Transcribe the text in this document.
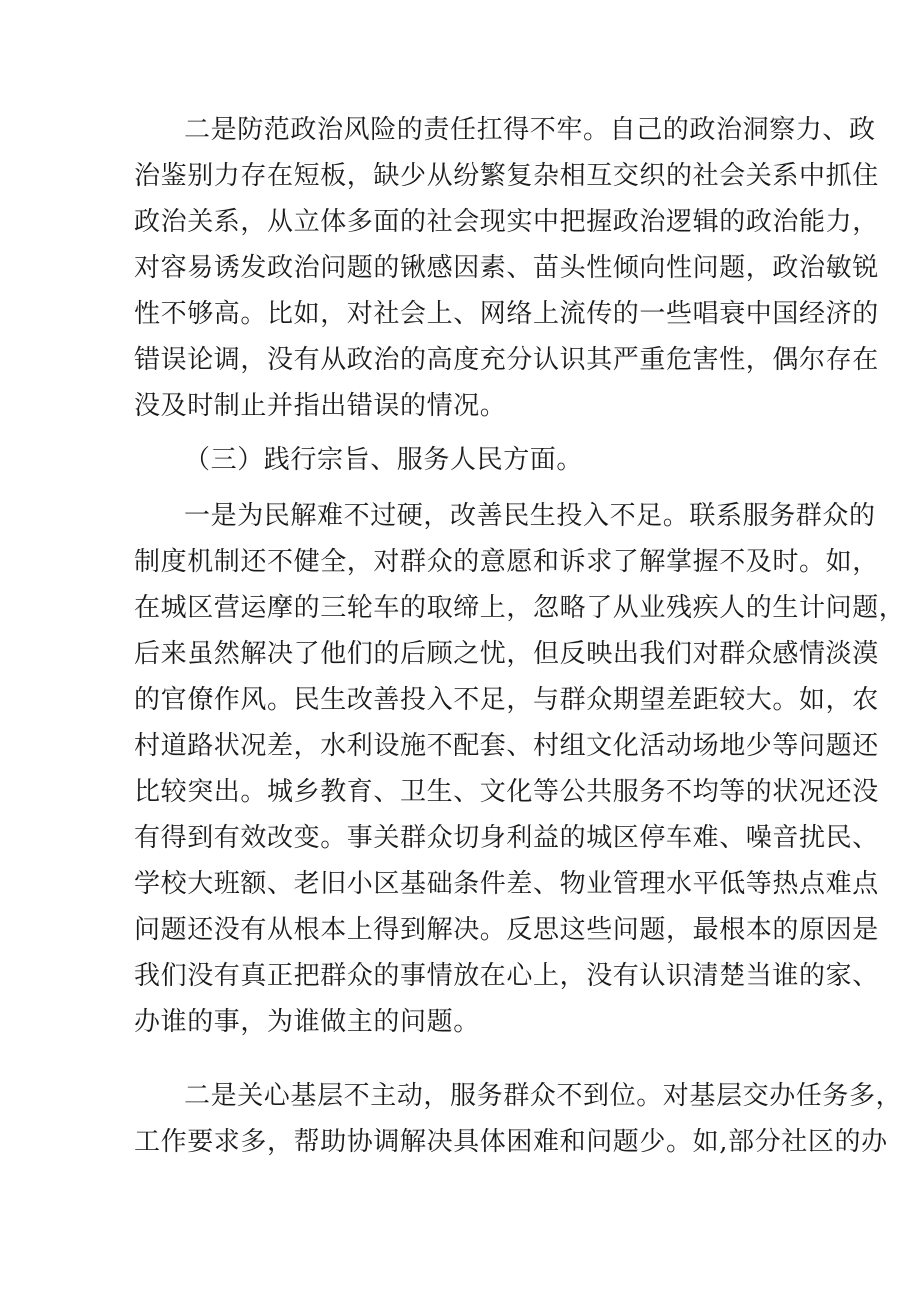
二是防范政治风险的责任扛得不牢。自己的政治洞察力、政

治鉴别力存在短板，缺少从纷繁复杂相互交织的社会关系中抓住

政治关系，从立体多面的社会现实中把握政治逻辑的政治能力，

对容易诱发政治问题的锹感因素、苗头性倾向性问题，政治敏锐

性不够高。比如，对社会上、网络上流传的一些唱衰中国经济的

错误论调，没有从政治的高度充分认识其严重危害性，偶尔存在

没及时制止并指出错误的情况。

（三）践行宗旨、服务人民方面。

一是为民解难不过硬，改善民生投入不足。联系服务群众的

制度机制还不健全，对群众的意愿和诉求了解掌握不及时。如，

在城区营运摩的三轮车的取缔上，忽略了从业残疾人的生计问题，

后来虽然解决了他们的后顾之忧，但反映出我们对群众感情淡漠

的官僚作风。民生改善投入不足，与群众期望差距较大。如，农

村道路状况差，水利设施不配套、村组文化活动场地少等问题还

比较突出。城乡教育、卫生、文化等公共服务不均等的状况还没

有得到有效改变。事关群众切身利益的城区停车难、噪音扰民、

学校大班额、老旧小区基础条件差、物业管理水平低等热点难点

问题还没有从根本上得到解决。反思这些问题，最根本的原因是

我们没有真正把群众的事情放在心上，没有认识清楚当谁的家、

办谁的事，为谁做主的问题。

二是关心基层不主动，服务群众不到位。对基层交办任务多，

工作要求多，帮助协调解决具体困难和问题少。如,部分社区的办
